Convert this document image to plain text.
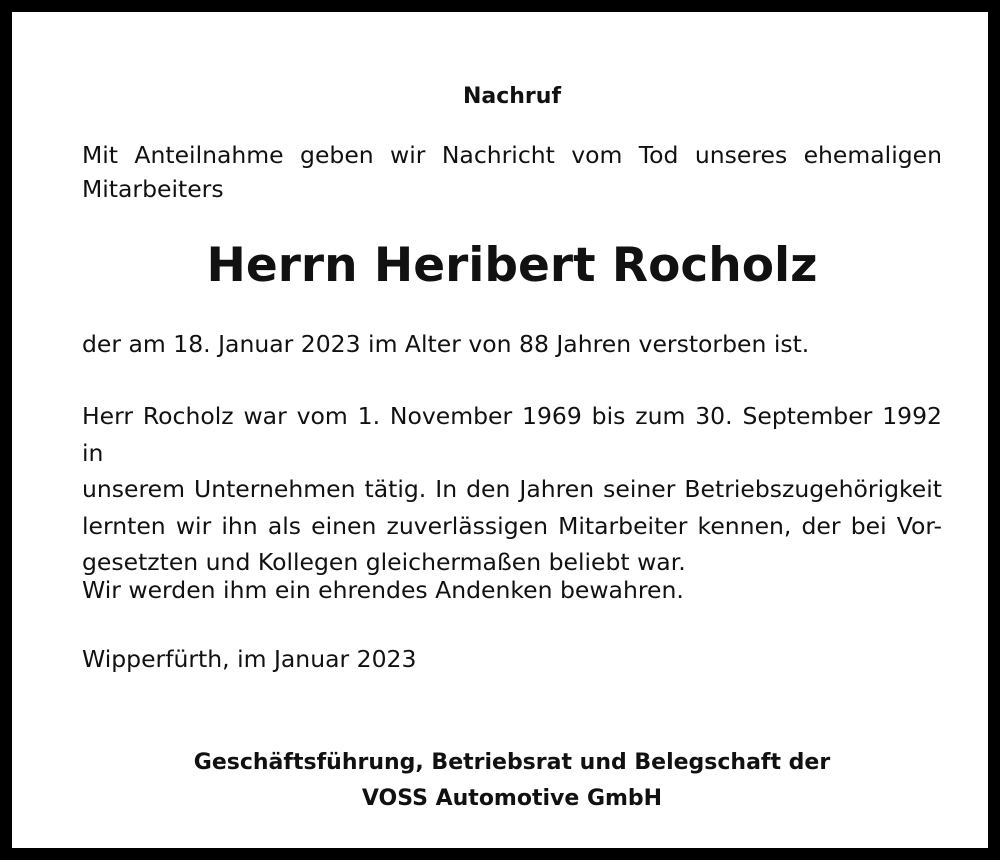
Nachruf
Mit Anteilnahme geben wir Nachricht vom Tod unseres ehemaligen
Mitarbeiters
Herrn Heribert Rocholz
der am 18. Januar 2023 im Alter von 88 Jahren verstorben ist.
Herr Rocholz war vom 1. November 1969 bis zum 30. September 1992 in
unserem Unternehmen tätig. In den Jahren seiner Betriebszugehörigkeit
lernten wir ihn als einen zuverlässigen Mitarbeiter kennen, der bei Vor-
gesetzten und Kollegen gleichermaßen beliebt war.
Wir werden ihm ein ehrendes Andenken bewahren.
Wipperfürth, im Januar 2023
Geschäftsführung, Betriebsrat und Belegschaft der
VOSS Automotive GmbH
